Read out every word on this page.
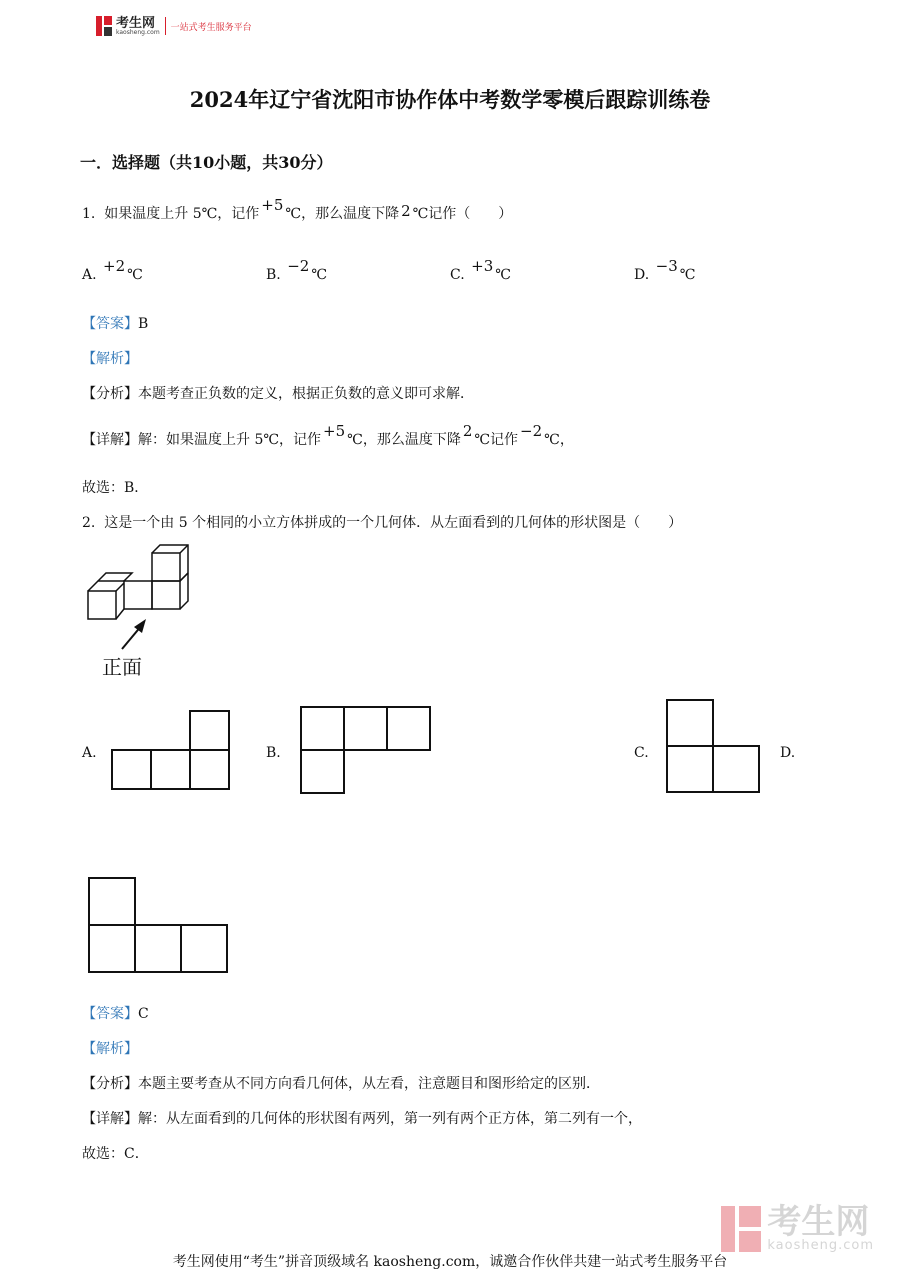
考生网
kaosheng.com 一站式考生服务平台
2024年辽宁省沈阳市协作体中考数学零模后跟踪训练卷
一．选择题（共10小题，共30分）
1. 如果温度上升 5℃，记作 +5 ℃，那么温度下降 2 ℃记作（　　）
A. +2 ℃	B. −2 ℃	C. +3 ℃	D. −3 ℃
【答案】B
【解析】
【分析】本题考查正负数的定义，根据正负数的意义即可求解．
【详解】解：如果温度上升 5℃，记作 +5 ℃，那么温度下降 2 ℃记作 −2 ℃，
故选：B．
2. 这是一个由 5 个相同的小立方体拼成的一个几何体．从左面看到的几何体的形状图是（　　）
正面
A.	B.	C.	D.
【答案】C
【解析】
【分析】本题主要考查从不同方向看几何体，从左看，注意题目和图形给定的区别．
【详解】解：从左面看到的几何体的形状图有两列，第一列有两个正方体，第二列有一个，
故选：C．
考生网
kaosheng.com
考生网使用“考生”拼音顶级域名 kaosheng.com，诚邀合作伙伴共建一站式考生服务平台
